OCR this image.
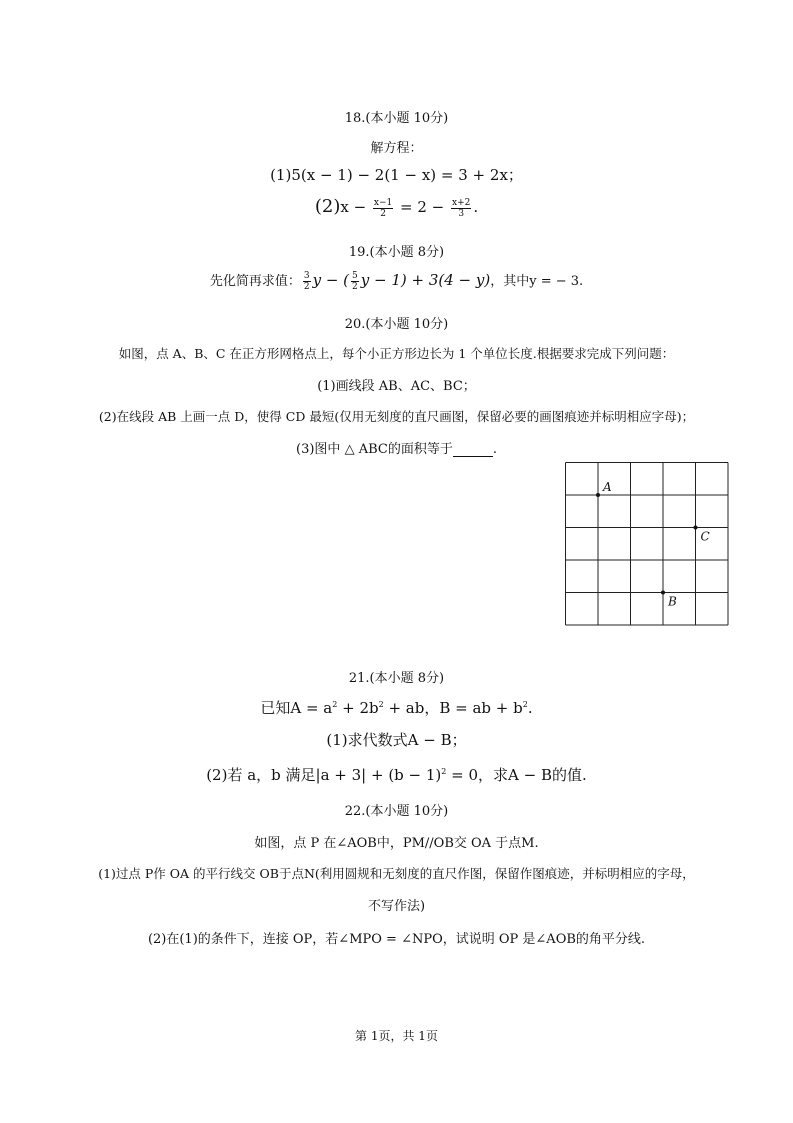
18.(本小题 10分)
解方程：
(1)5(x − 1) − 2(1 − x) = 3 + 2x；
$(2)x - \frac{x-1}{2} = 2 - \frac{x+2}{3}$ .
19.(本小题 8分)
先化简再求值： $\frac{3}{2}$ y − ( $\frac{5}{2}$ y − 1) + 3(4 − y)，其中y = − 3.
20.(本小题 10分)
如图，点 A、B、C 在正方形网格点上，每个小正方形边长为 1 个单位长度.根据要求完成下列问题：
(1)画线段 AB、AC、BC；
(2)在线段 AB 上画一点 D，使得 CD 最短(仅用无刻度的直尺画图，保留必要的画图痕迹并标明相应字母)；
(3)图中 △ ABC的面积等于	.
A
C
B
21.(本小题 8分)
已知$A = a^2 + 2b^2$ + ab，B = ab + $b^2$.
(1)求代数式A − B；
(2)若 a，b 满足$|a + 3| + (b - 1)^2 = 0$，求A − B的值.
22.(本小题 10分)
如图，点 P 在∠AOB中，PM//OB交 OA 于点M.
(1)过点 P作 OA 的平行线交 OB于点N(利用圆规和无刻度的直尺作图，保留作图痕迹，并标明相应的字母，
不写作法)
(2)在(1)的条件下，连接 OP，若∠MPO = ∠NPO，试说明 OP 是∠AOB的角平分线.
第 1页，共 1页
